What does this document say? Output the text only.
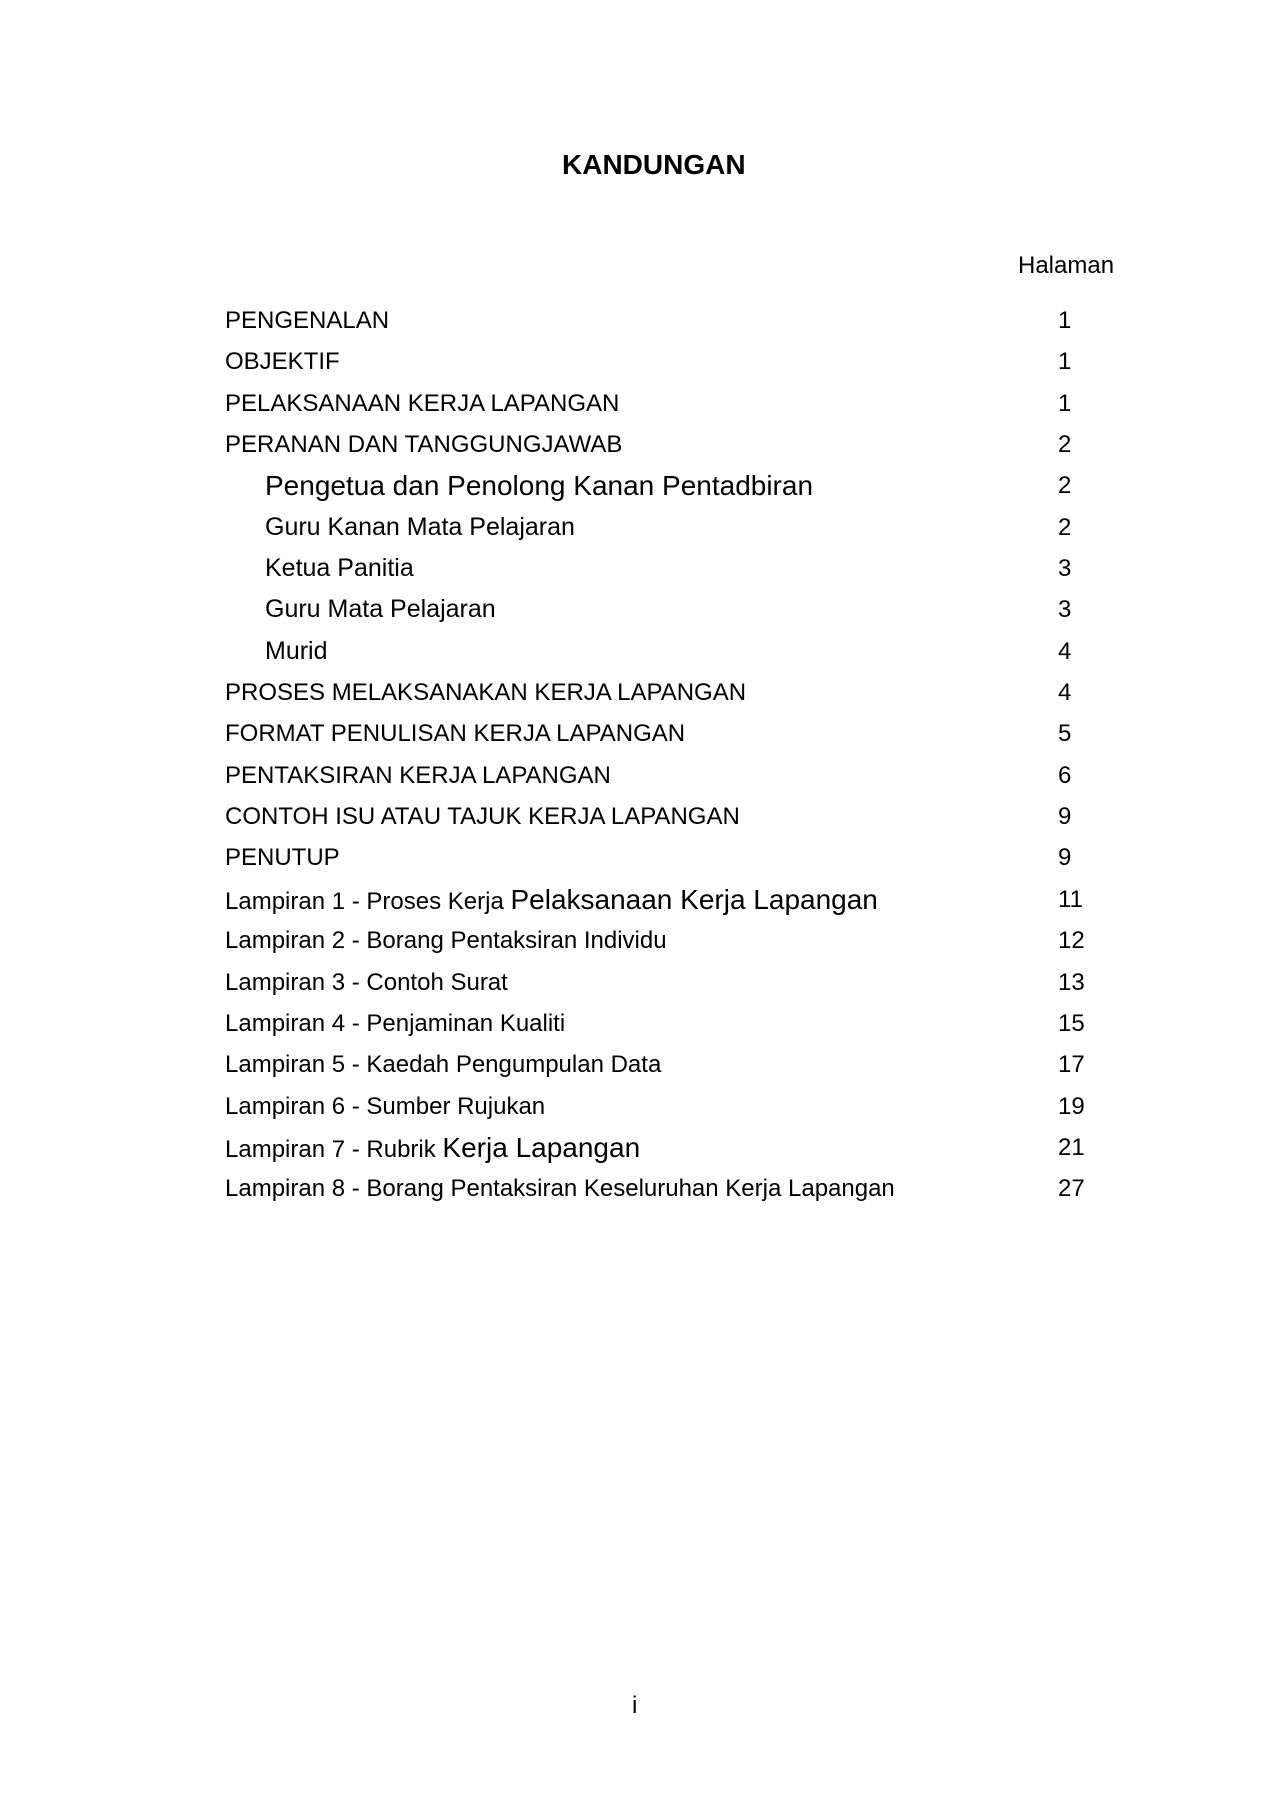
KANDUNGAN
Halaman
PENGENALAN	1
OBJEKTIF	1
PELAKSANAAN KERJA LAPANGAN	1
PERANAN DAN TANGGUNGJAWAB	2
Pengetua dan Penolong Kanan Pentadbiran	2
Guru Kanan Mata Pelajaran	2
Ketua Panitia	3
Guru Mata Pelajaran	3
Murid	4
PROSES MELAKSANAKAN KERJA LAPANGAN	4
FORMAT PENULISAN KERJA LAPANGAN	5
PENTAKSIRAN KERJA LAPANGAN	6
CONTOH ISU ATAU TAJUK KERJA LAPANGAN	9
PENUTUP	9
Lampiran 1 - Proses Kerja Pelaksanaan Kerja Lapangan	11
Lampiran 2 - Borang Pentaksiran Individu	12
Lampiran 3 - Contoh Surat	13
Lampiran 4 - Penjaminan Kualiti	15
Lampiran 5 - Kaedah Pengumpulan Data	17
Lampiran 6 - Sumber Rujukan	19
Lampiran 7 - Rubrik Kerja Lapangan	21
Lampiran 8 - Borang Pentaksiran Keseluruhan Kerja Lapangan	27
i
